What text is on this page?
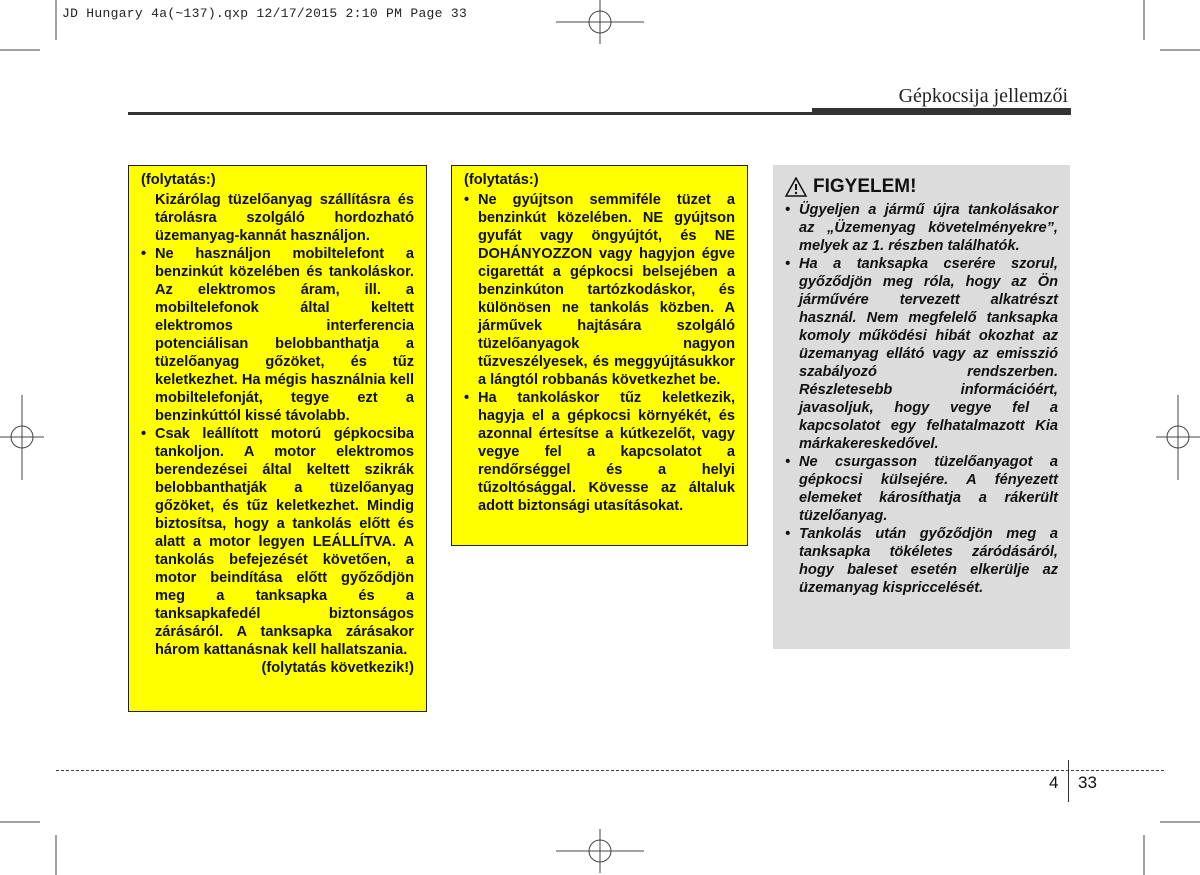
JD Hungary 4a(~137).qxp 12/17/2015 2:10 PM Page 33
Gépkocsija jellemzői
(folytatás:)
Kizárólag tüzelőanyag szállításra és tárolásra szolgáló hordozható üzemanyag-kannát használjon.
• Ne használjon mobiltelefont a benzinkút közelében és tankoláskor. Az elektromos áram, ill. a mobiltelefonok által keltett elektromos interferencia potenciálisan belobbanthatja a tüzelőanyag gőzöket, és tűz keletkezhet. Ha mégis használnia kell mobiltelefonját, tegye ezt a benzinkúttól kissé távolabb.
• Csak leállított motorú gépkocsiba tankoljon. A motor elektromos berendezései által keltett szikrák belobbanthatják a tüzelőanyag gőzöket, és tűz keletkezhet. Mindig biztosítsa, hogy a tankolás előtt és alatt a motor legyen LEÁLLÍTVA. A tankolás befejezését követően, a motor beindítása előtt győződjön meg a tanksapka és a tanksapkafedél biztonságos zárásáról. A tanksapka zárásakor három kattanásnak kell hallatszania.
(folytatás következik!)
(folytatás:)
• Ne gyújtson semmiféle tüzet a benzinkút közelében. NE gyújtson gyufát vagy öngyújtót, és NE DOHÁNYOZZON vagy hagyjon égve cigarettát a gépkocsi belsejében a benzinkúton tartózkodáskor, és különösen ne tankolás közben. A járművek hajtására szolgáló tüzelőanyagok nagyon tűzveszélyesek, és meggyújtásukkor a lángtól robbanás következhet be.
• Ha tankoláskor tűz keletkezik, hagyja el a gépkocsi környékét, és azonnal értesítse a kútkezelőt, vagy vegye fel a kapcsolatot a rendőrséggel és a helyi tűzoltósággal. Kövesse az általuk adott biztonsági utasításokat.
FIGYELEM!
• Ügyeljen a jármű újra tankolásakor az „Üzemenyag követelményekre”, melyek az 1. részben találhatók.
• Ha a tanksapka cserére szorul, győződjön meg róla, hogy az Ön járművére tervezett alkatrészt használ. Nem megfelelő tanksapka komoly működési hibát okozhat az üzemanyag ellátó vagy az emisszió szabályozó rendszerben. Részletesebb információért, javasoljuk, hogy vegye fel a kapcsolatot egy felhatalmazott Kia márkakereskedővel.
• Ne csurgasson tüzelőanyagot a gépkocsi külsejére. A fényezett elemeket károsíthatja a rákerült tüzelőanyag.
• Tankolás után győződjön meg a tanksapka tökéletes záródásáról, hogy baleset esetén elkerülje az üzemanyag kispriccelését.
4 33
